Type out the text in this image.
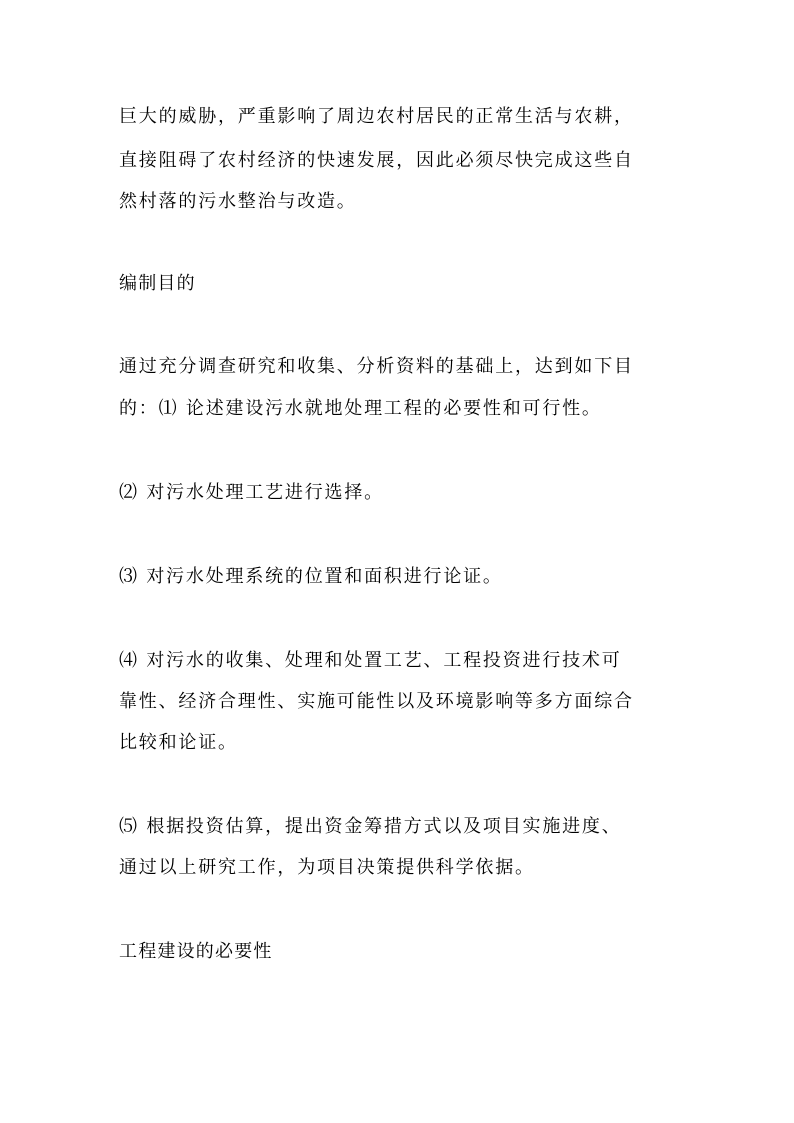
巨大的威胁，严重影响了周边农村居民的正常生活与农耕，
直接阻碍了农村经济的快速发展，因此必须尽快完成这些自
然村落的污水整治与改造。
编制目的
通过充分调查研究和收集、分析资料的基础上，达到如下目
的：⑴ 论述建设污水就地处理工程的必要性和可行性。
⑵ 对污水处理工艺进行选择。
⑶ 对污水处理系统的位置和面积进行论证。
⑷ 对污水的收集、处理和处置工艺、工程投资进行技术可
靠性、经济合理性、实施可能性以及环境影响等多方面综合
比较和论证。
⑸ 根据投资估算，提出资金筹措方式以及项目实施进度、
通过以上研究工作，为项目决策提供科学依据。
工程建设的必要性
